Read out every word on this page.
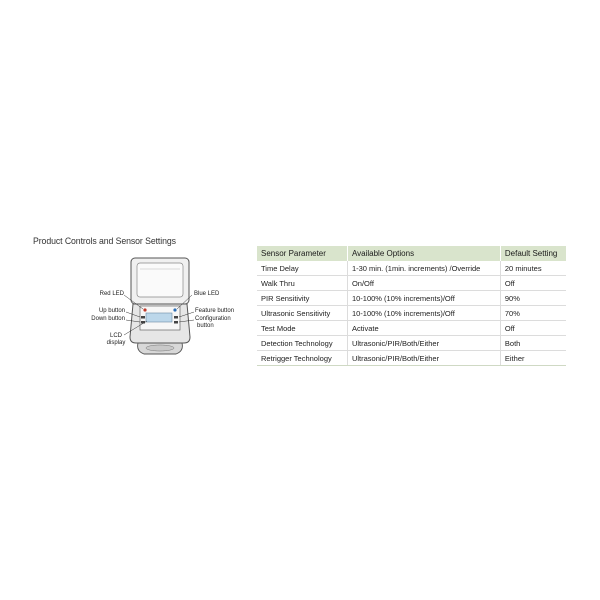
Product Controls and Sensor Settings
Red LED	Blue LED
Up button
Down button
Feature button
Configuration
button
LCD
display
Sensor Parameter	Available Options	Default Setting
Time Delay	1-30 min. (1min. increments) /Override	20 minutes
Walk Thru	On/Off	Off
PIR Sensitivity	10-100% (10% increments)/Off	90%
Ultrasonic Sensitivity	10-100% (10% increments)/Off	70%
Test Mode	Activate	Off
Detection Technology	Ultrasonic/PIR/Both/Either	Both
Retrigger Technology	Ultrasonic/PIR/Both/Either	Either
